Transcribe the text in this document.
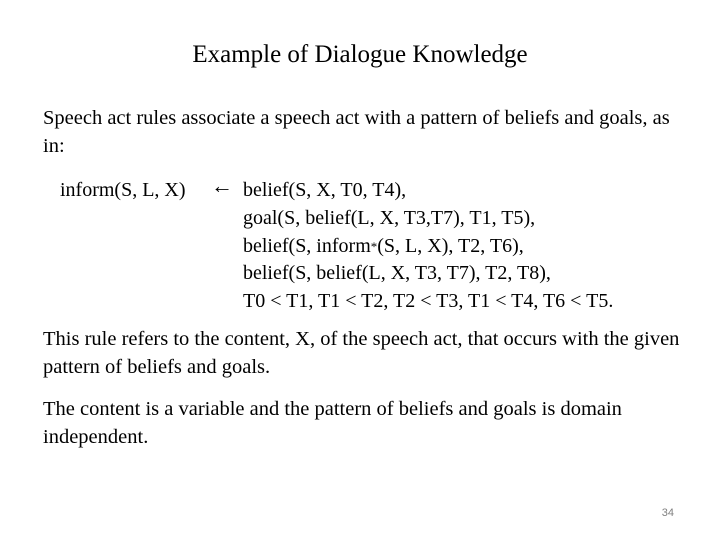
Example of Dialogue Knowledge
Speech act rules associate a speech act with a pattern of beliefs and goals, as in:
inform(S, L, X) ← belief(S, X, T0, T4),
goal(S, belief(L, X, T3,T7), T1, T5),
belief(S, inform*(S, L, X), T2, T6),
belief(S, belief(L, X, T3, T7), T2, T8),
T0 < T1, T1 < T2, T2 < T3, T1 < T4, T6 < T5.
This rule refers to the content, X, of the speech act, that occurs with the given pattern of beliefs and goals.
The content is a variable and the pattern of beliefs and goals is domain independent.
34
